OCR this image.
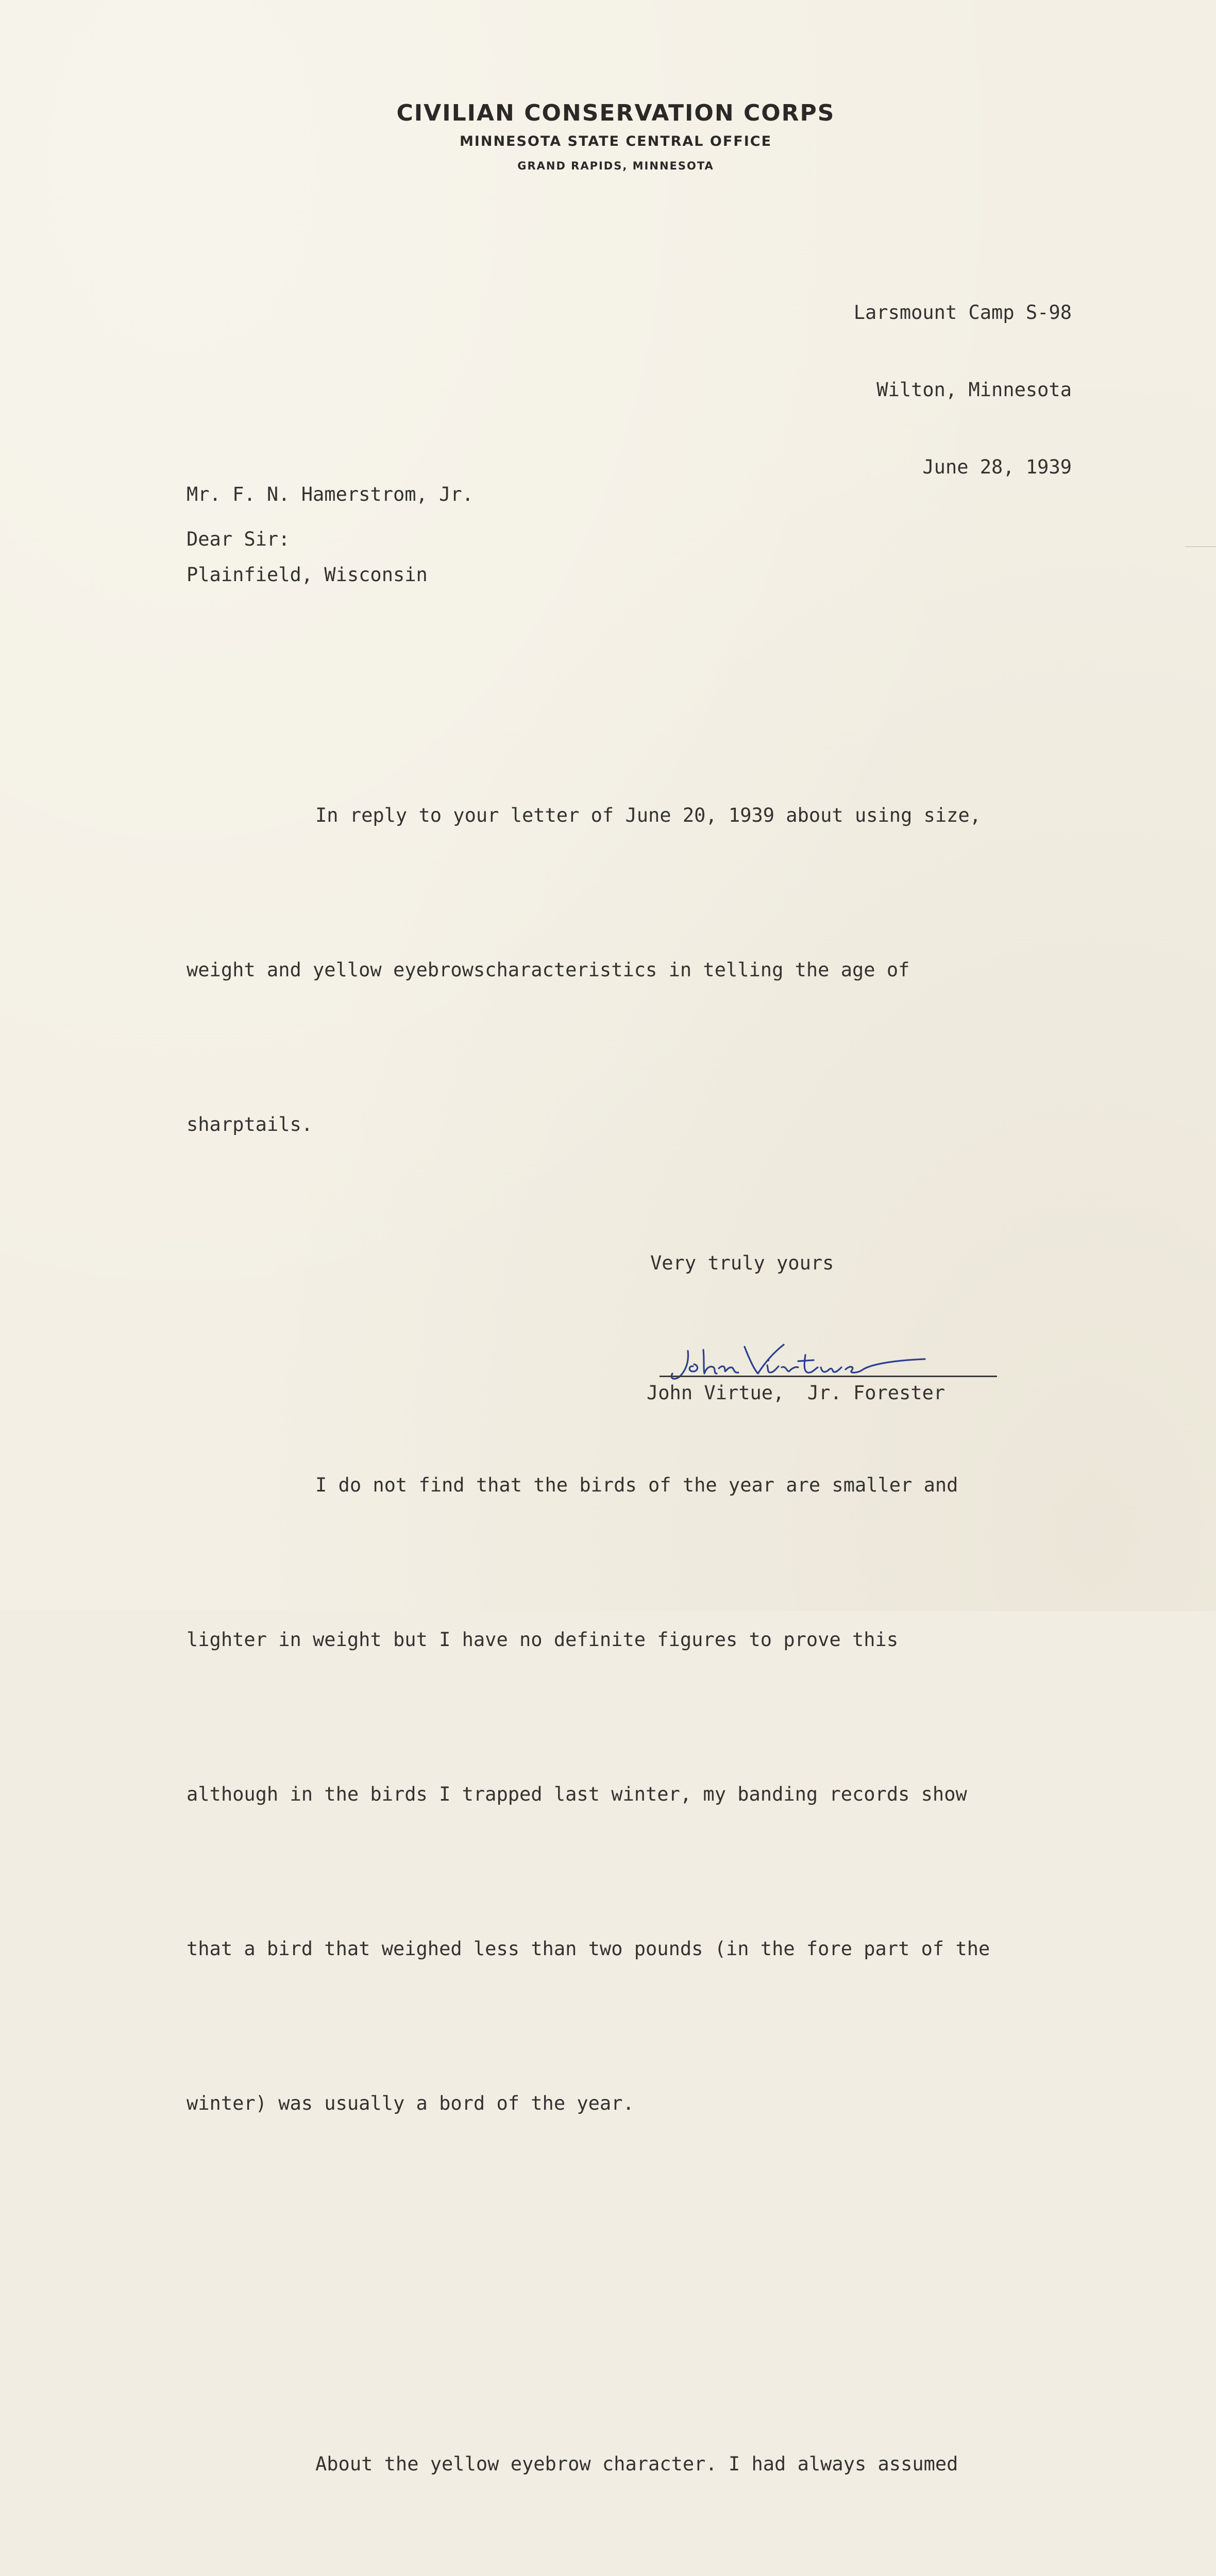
CIVILIAN CONSERVATION CORPS
MINNESOTA STATE CENTRAL OFFICE
GRAND RAPIDS, MINNESOTA

Larsmount Camp S-98

Wilton, Minnesota

June 28, 1939

Mr. F. N. Hamerstrom, Jr.

Plainfield, Wisconsin

Dear Sir:

In reply to your letter of June 20, 1939 about using size,

weight and yellow eyebrowscharacteristics in telling the age of

sharptails.

I do not find that the birds of the year are smaller and

lighter in weight but I have no definite figures to prove this

although in the birds I trapped last winter, my banding records show

that a bird that weighed less than two pounds (in the fore part of the

winter) was usually a bord of the year.

About the yellow eyebrow character. I had always assumed

Very truly yours
John Virtue,  Jr. Forester
